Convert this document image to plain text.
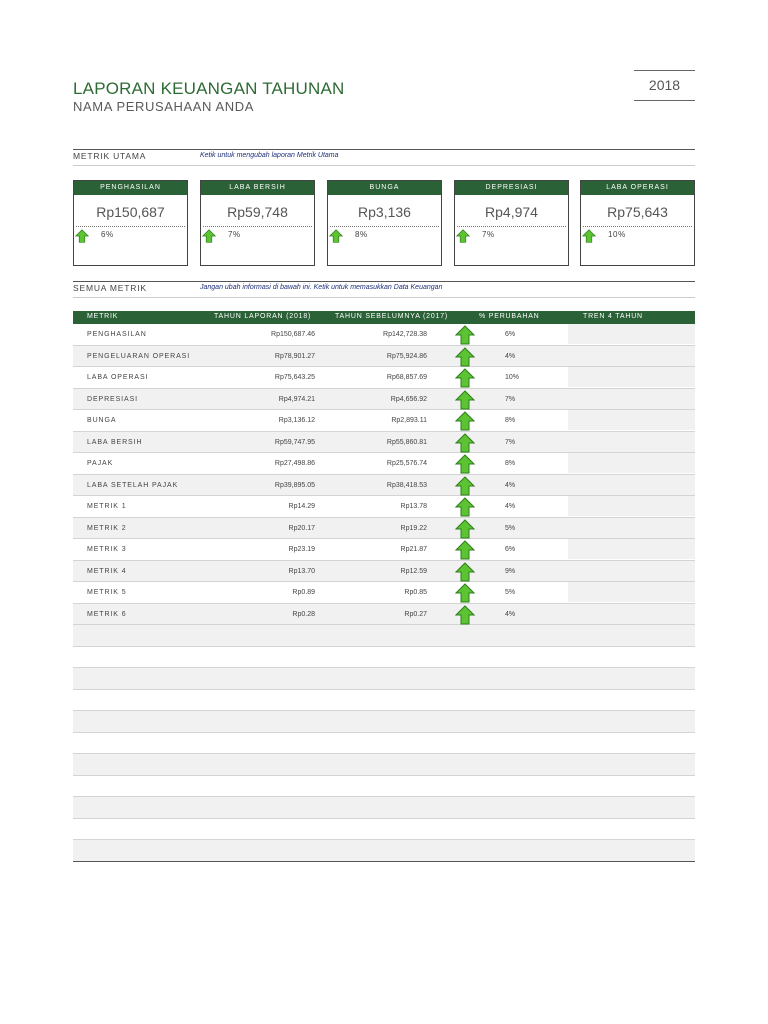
LAPORAN KEUANGAN TAHUNAN
NAMA PERUSAHAAN ANDA
2018
METRIK UTAMA	Ketik untuk mengubah laporan Metrik Utama
PENGHASILAN
Rp150,687
6%
LABA BERSIH
Rp59,748
7%
BUNGA
Rp3,136
8%
DEPRESIASI
Rp4,974
7%
LABA OPERASI
Rp75,643
10%
SEMUA METRIK	Jangan ubah informasi di bawah ini. Ketik untuk memasukkan Data Keuangan
METRIK	TAHUN LAPORAN (2018)	TAHUN SEBELUMNYA (2017)	% PERUBAHAN	TREN 4 TAHUN
PENGHASILAN	Rp150,687.46	Rp142,728.38	6%
PENGELUARAN OPERASI	Rp78,901.27	Rp75,924.86	4%
LABA OPERASI	Rp75,643.25	Rp68,857.69	10%
DEPRESIASI	Rp4,974.21	Rp4,656.92	7%
BUNGA	Rp3,136.12	Rp2,893.11	8%
LABA BERSIH	Rp59,747.95	Rp55,860.81	7%
PAJAK	Rp27,498.86	Rp25,576.74	8%
LABA SETELAH PAJAK	Rp39,895.05	Rp38,418.53	4%
METRIK 1	Rp14.29	Rp13.78	4%
METRIK 2	Rp20.17	Rp19.22	5%
METRIK 3	Rp23.19	Rp21.87	6%
METRIK 4	Rp13.70	Rp12.59	9%
METRIK 5	Rp0.89	Rp0.85	5%
METRIK 6	Rp0.28	Rp0.27	4%
